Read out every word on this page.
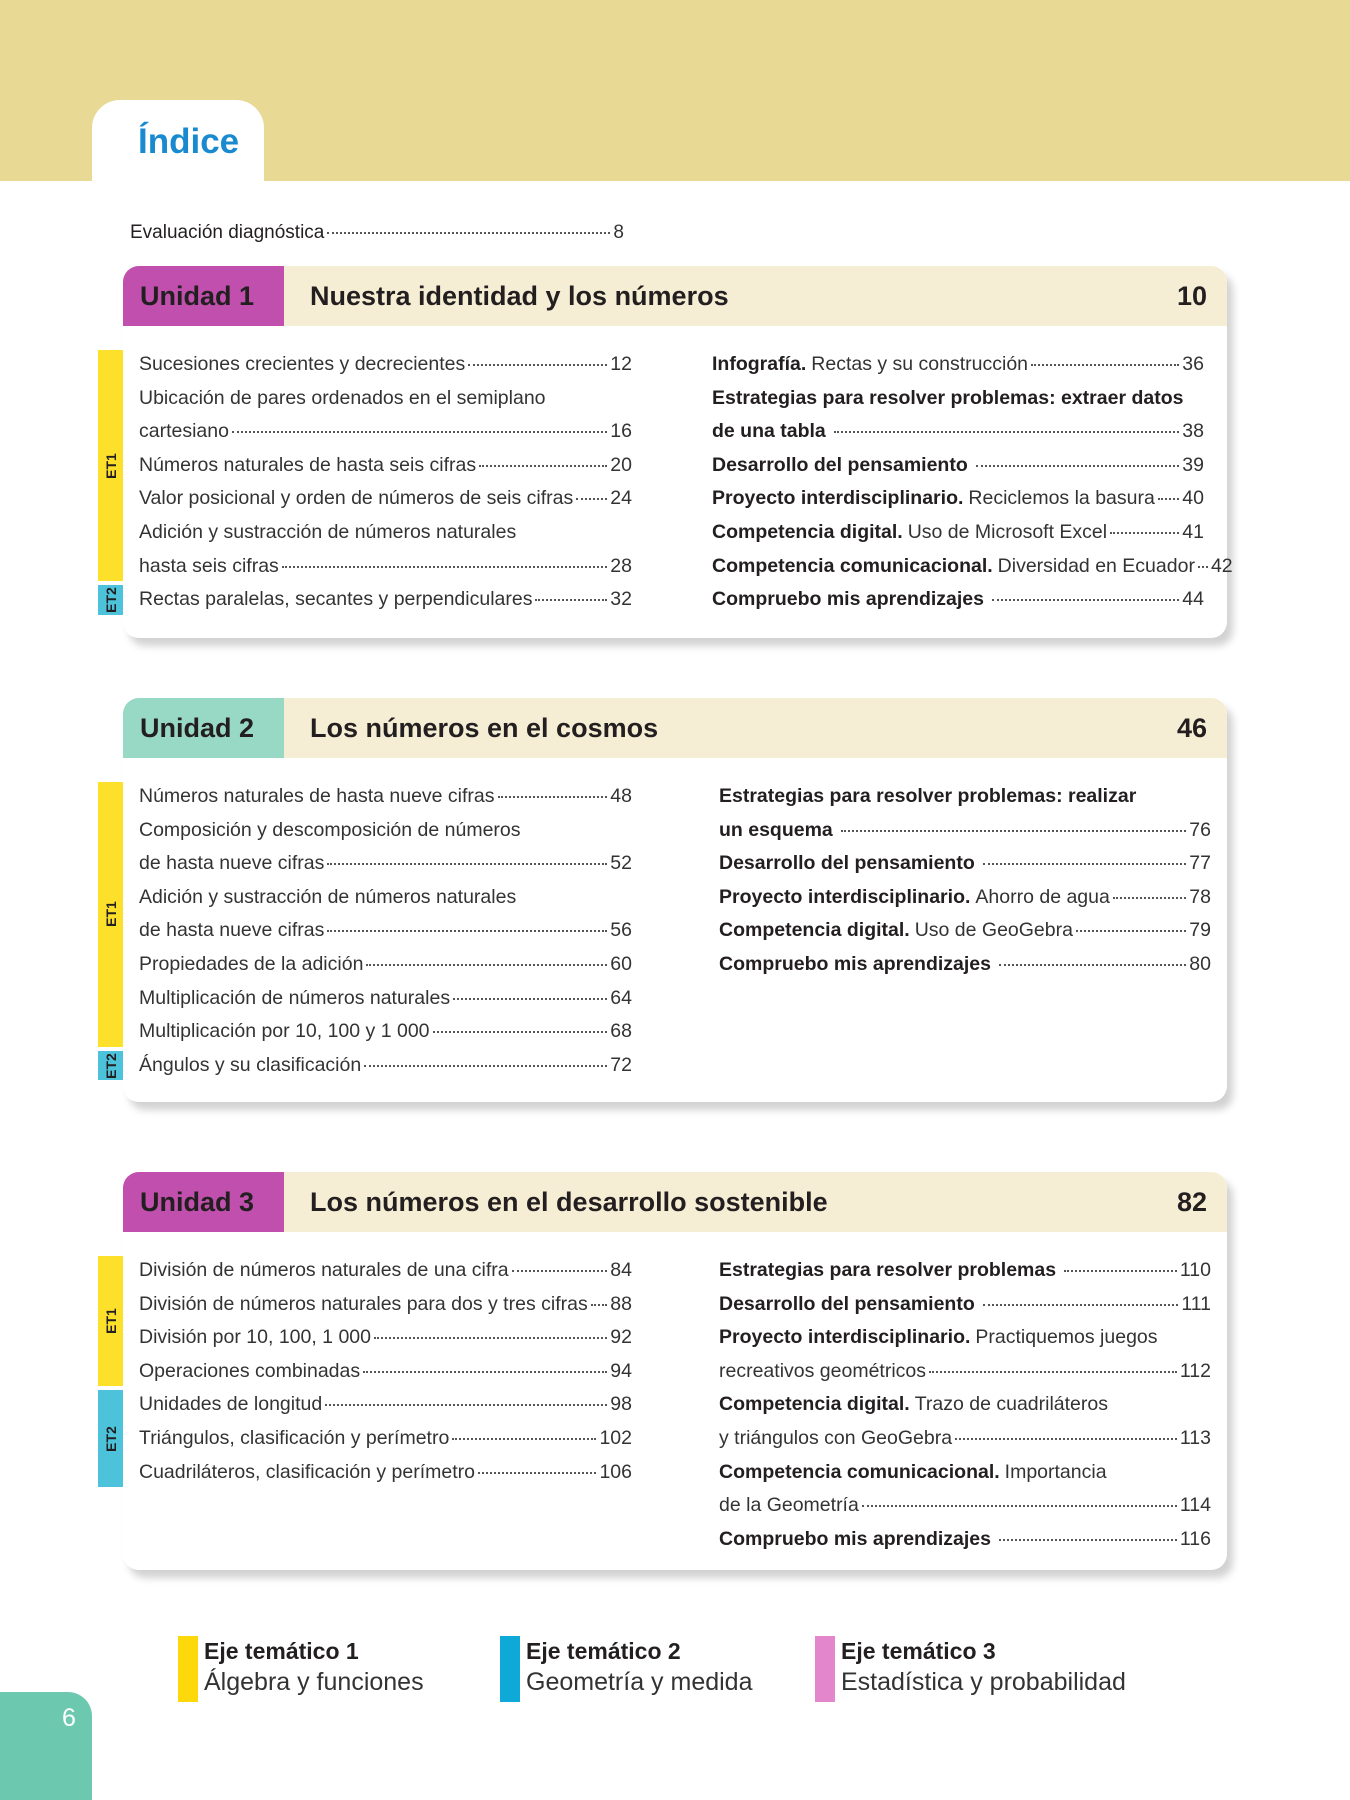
Índice
Evaluación diagnóstica	8
Unidad 1	Nuestra identidad y los números	10
ET1
Sucesiones crecientes y decrecientes	12
Ubicación de pares ordenados en el semiplano
cartesiano	16
Números naturales de hasta seis cifras	20
Valor posicional y orden de números de seis cifras 24
Adición y sustracción de números naturales
hasta seis cifras	28
ET2 Rectas paralelas, secantes y perpendiculares	32
Infografía. Rectas y su construcción	36
Estrategias para resolver problemas: extraer datos
de una tabla	38
Desarrollo del pensamiento	39
Proyecto interdisciplinario. Reciclemos la basura 40
Competencia digital. Uso de Microsoft Excel	41
Competencia comunicacional. Diversidad en Ecuador 42
Compruebo mis aprendizajes	44
Unidad 2	Los números en el cosmos	46
ET1
Números naturales de hasta nueve cifras	48
Composición y descomposición de números
de hasta nueve cifras	52
Adición y sustracción de números naturales
de hasta nueve cifras	56
Propiedades de la adición	60
Multiplicación de números naturales	64
Multiplicación por 10, 100 y 1 000	68
ET2 Ángulos y su clasificación	72
Estrategias para resolver problemas: realizar
un esquema	76
Desarrollo del pensamiento	77
Proyecto interdisciplinario. Ahorro de agua	78
Competencia digital. Uso de GeoGebra	79
Compruebo mis aprendizajes	80
Unidad 3	Los números en el desarrollo sostenible	82
ET1
División de números naturales de una cifra	84
División de números naturales para dos y tres cifras 88
División por 10, 100, 1 000	92
Operaciones combinadas	94
ET2
Unidades de longitud	98
Triángulos, clasificación y perímetro	102
Cuadriláteros, clasificación y perímetro	106
Estrategias para resolver problemas	110
Desarrollo del pensamiento	111
Proyecto interdisciplinario. Practiquemos juegos
recreativos geométricos	112
Competencia digital. Trazo de cuadriláteros
y triángulos con GeoGebra	113
Competencia comunicacional. Importancia
de la Geometría	114
Compruebo mis aprendizajes	116
Eje temático 1
Álgebra y funciones
Eje temático 2
Geometría y medida
Eje temático 3
Estadística y probabilidad
6
